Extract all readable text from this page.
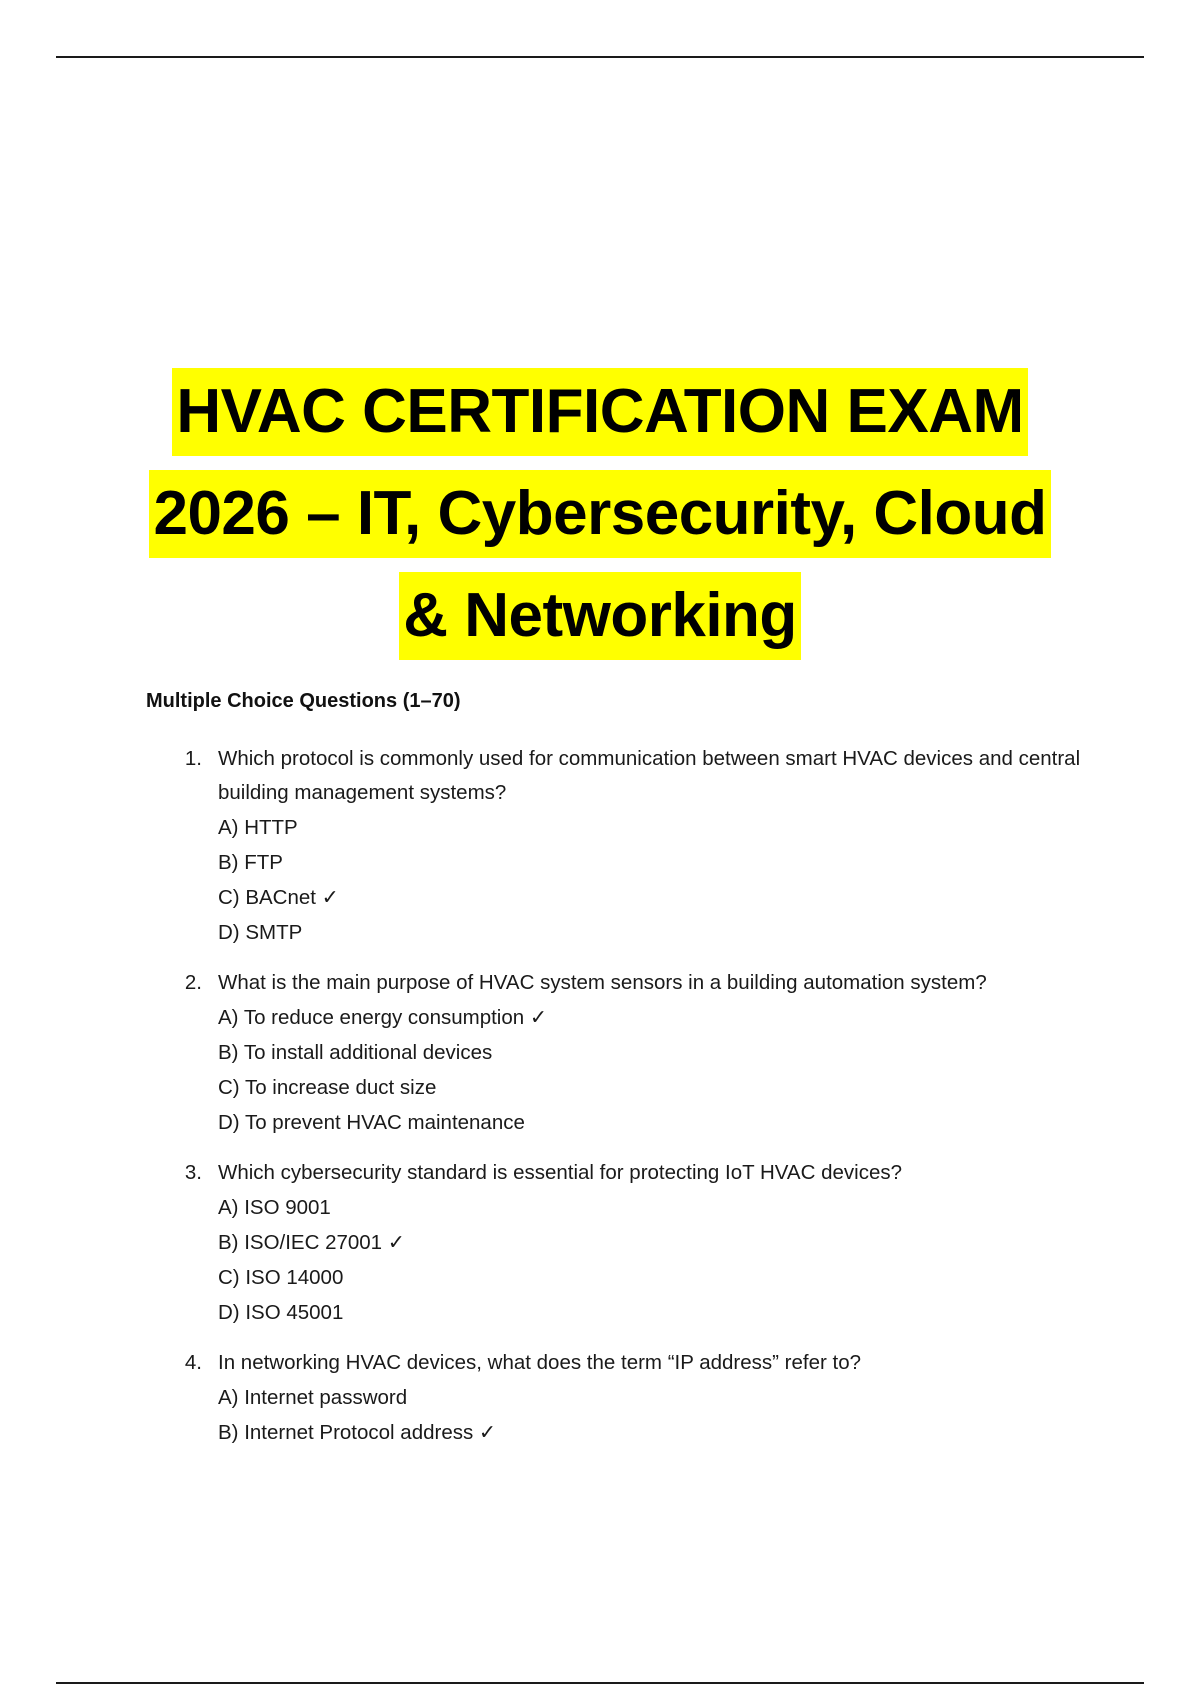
HVAC CERTIFICATION EXAM
2026 – IT, Cybersecurity, Cloud
& Networking
Multiple Choice Questions (1–70)
1. Which protocol is commonly used for communication between smart HVAC devices and central building management systems?
A) HTTP
B) FTP
C) BACnet ✓
D) SMTP
2. What is the main purpose of HVAC system sensors in a building automation system?
A) To reduce energy consumption ✓
B) To install additional devices
C) To increase duct size
D) To prevent HVAC maintenance
3. Which cybersecurity standard is essential for protecting IoT HVAC devices?
A) ISO 9001
B) ISO/IEC 27001 ✓
C) ISO 14000
D) ISO 45001
4. In networking HVAC devices, what does the term “IP address” refer to?
A) Internet password
B) Internet Protocol address ✓
